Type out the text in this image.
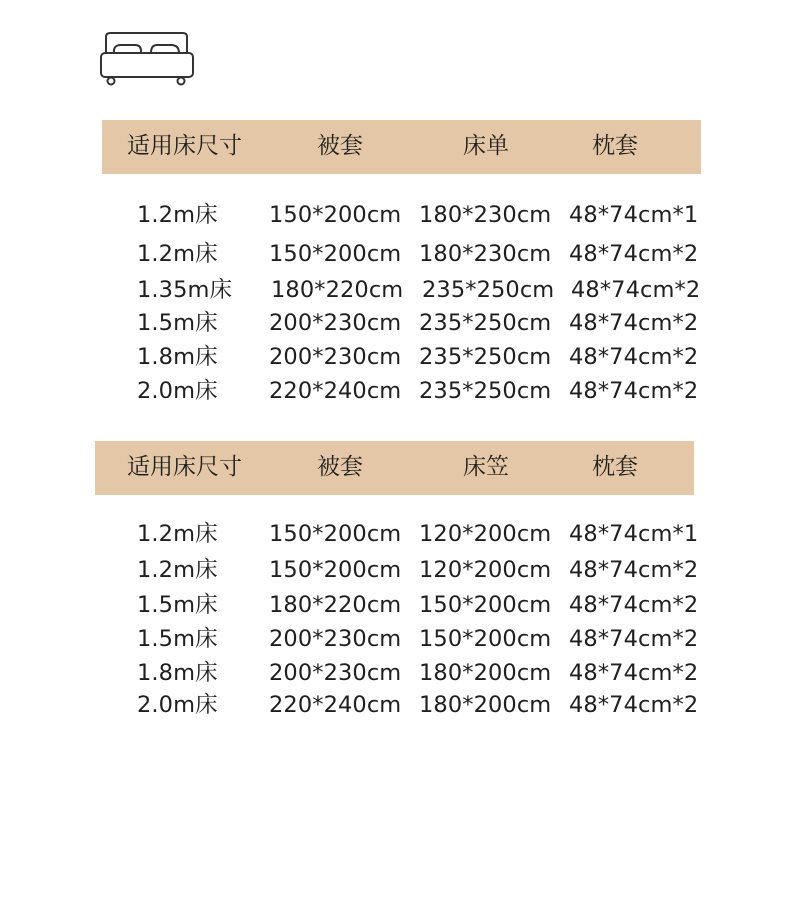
适用床尺寸	被套	床单	枕套
1.2m床 150*200cm 180*230cm 48*74cm*1
1.2m床 150*200cm 180*230cm 48*74cm*2
1.35m床 180*220cm 235*250cm 48*74cm*2
1.5m床 200*230cm 235*250cm 48*74cm*2
1.8m床 200*230cm 235*250cm 48*74cm*2
2.0m床 220*240cm 235*250cm 48*74cm*2
适用床尺寸	被套	床笠	枕套
1.2m床 150*200cm 120*200cm 48*74cm*1
1.2m床 150*200cm 120*200cm 48*74cm*2
1.5m床 180*220cm 150*200cm 48*74cm*2
1.5m床 200*230cm 150*200cm 48*74cm*2
1.8m床 200*230cm 180*200cm 48*74cm*2
2.0m床 220*240cm 180*200cm 48*74cm*2
